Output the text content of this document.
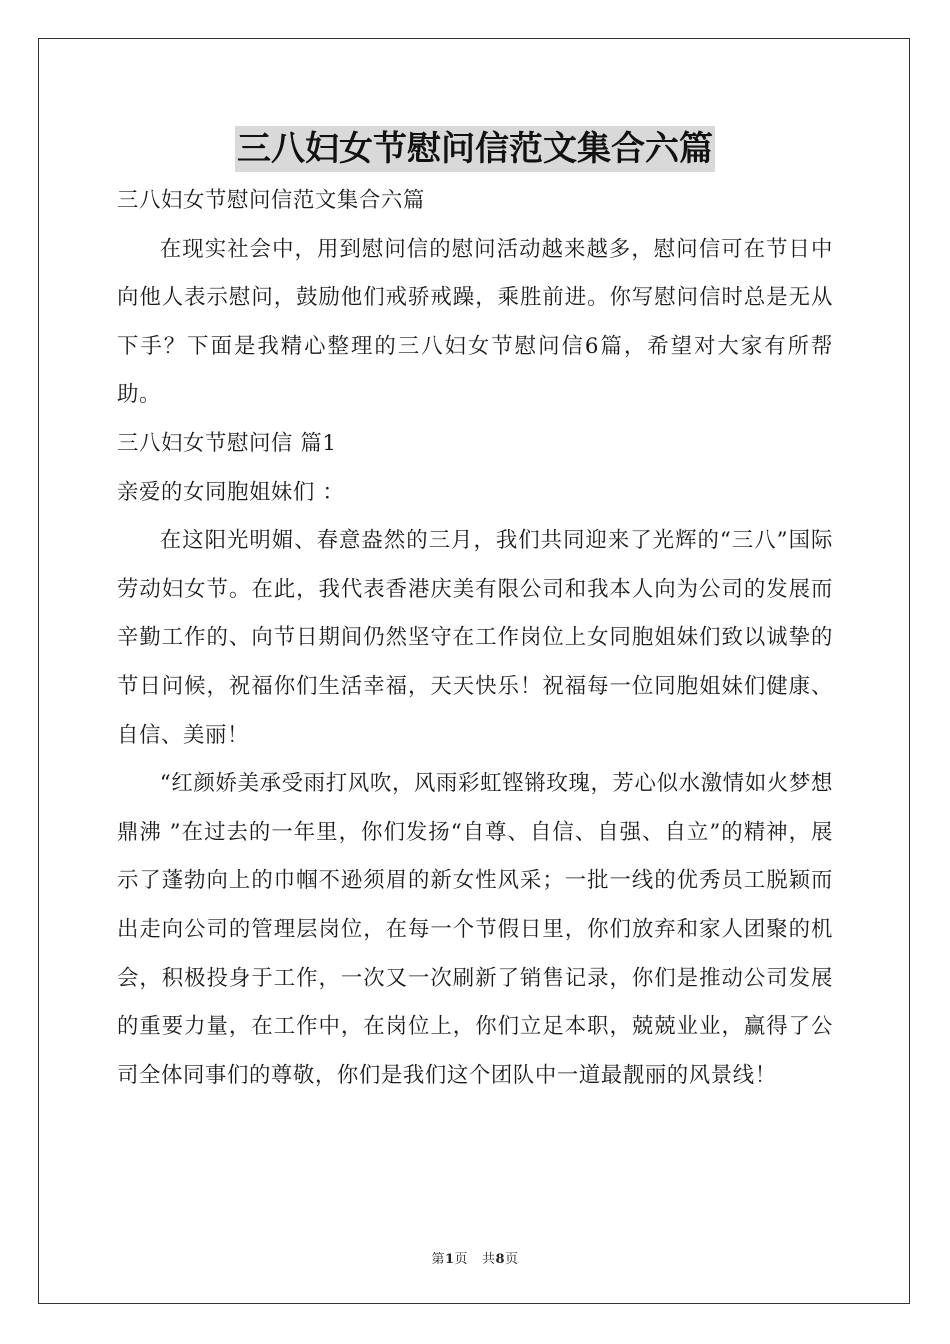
三八妇女节慰问信范文集合六篇
三八妇女节慰问信范文集合六篇

在现实社会中，用到慰问信的慰问活动越来越多，慰问信可在节日中向他人表示慰问，鼓励他们戒骄戒躁，乘胜前进。你写慰问信时总是无从下手？下面是我精心整理的三八妇女节慰问信6篇，希望对大家有所帮助。

三八妇女节慰问信 篇1
亲爱的女同胞姐妹们 ：

在这阳光明媚、春意盎然的三月，我们共同迎来了光辉的“三八”国际劳动妇女节。在此，我代表香港庆美有限公司和我本人向为公司的发展而辛勤工作的、向节日期间仍然坚守在工作岗位上女同胞姐妹们致以诚挚的节日问候，祝福你们生活幸福，天天快乐！祝福每一位同胞姐妹们健康、自信、美丽！

“红颜娇美承受雨打风吹，风雨彩虹铿锵玫瑰，芳心似水激情如火梦想鼎沸 ”在过去的一年里，你们发扬“自尊、自信、自强、自立”的精神，展示了蓬勃向上的巾帼不逊须眉的新女性风采；一批一线的优秀员工脱颖而出走向公司的管理层岗位，在每一个节假日里，你们放弃和家人团聚的机会，积极投身于工作，一次又一次刷新了销售记录，你们是推动公司发展的重要力量，在工作中，在岗位上，你们立足本职，兢兢业业，赢得了公司全体同事们的尊敬，你们是我们这个团队中一道最靓丽的风景线！

第1页 共8页
